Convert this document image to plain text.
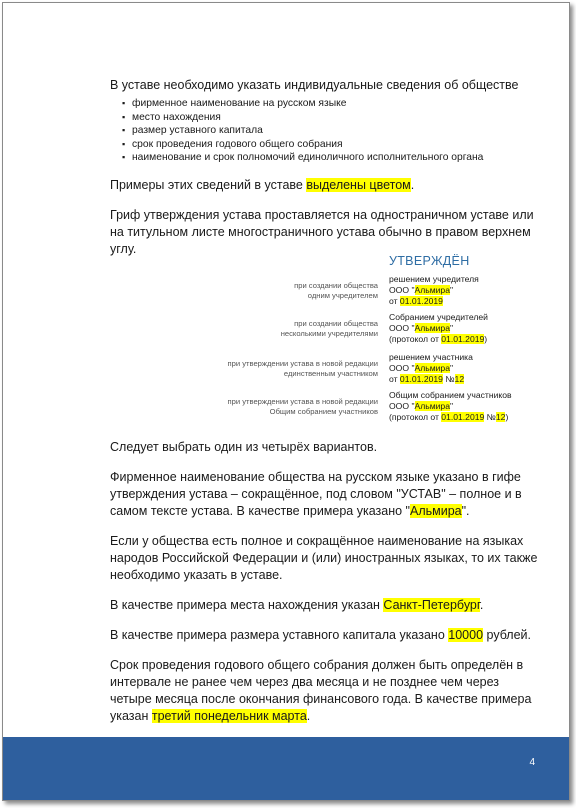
В уставе необходимо указать индивидуальные сведения об обществе

▪ фирменное наименование на русском языке
▪ место нахождения
▪ размер уставного капитала
▪ срок проведения годового общего собрания
▪ наименование и срок полномочий единоличного исполнительного органа

Примеры этих сведений в уставе выделены цветом.

Гриф утверждения устава проставляется на одностраничном уставе или на титульном листе многостраничного устава обычно в правом верхнем углу.

УТВЕРЖДЁН
при создании общества
одним учредителем
решением учредителя
ООО "Альмира"
от 01.01.2019
при создании общества
несколькими учредителями
Собранием учредителей
ООО "Альмира"
(протокол от 01.01.2019)
при утверждении устава в новой редакции
единственным участником
решением участника
ООО "Альмира"
от 01.01.2019 №12
при утверждении устава в новой редакции
Общим собранием участников
Общим собранием участников
ООО "Альмира"
(протокол от 01.01.2019 №12)

Следует выбрать один из четырёх вариантов.

Фирменное наименование общества на русском языке указано в гифе утверждения устава – сокращённое, под словом "УСТАВ" – полное и в самом тексте устава. В качестве примера указано "Альмира".

Если у общества есть полное и сокращённое наименование на языках народов Российской Федерации и (или) иностранных языках, то их также необходимо указать в уставе.

В качестве примера места нахождения указан Санкт-Петербург.

В качестве примера размера уставного капитала указано 10000 рублей.

Срок проведения годового общего собрания должен быть определён в интервале не ранее чем через два месяца и не позднее чем через четыре месяца после окончания финансового года. В качестве примера указан третий понедельник марта.

4
